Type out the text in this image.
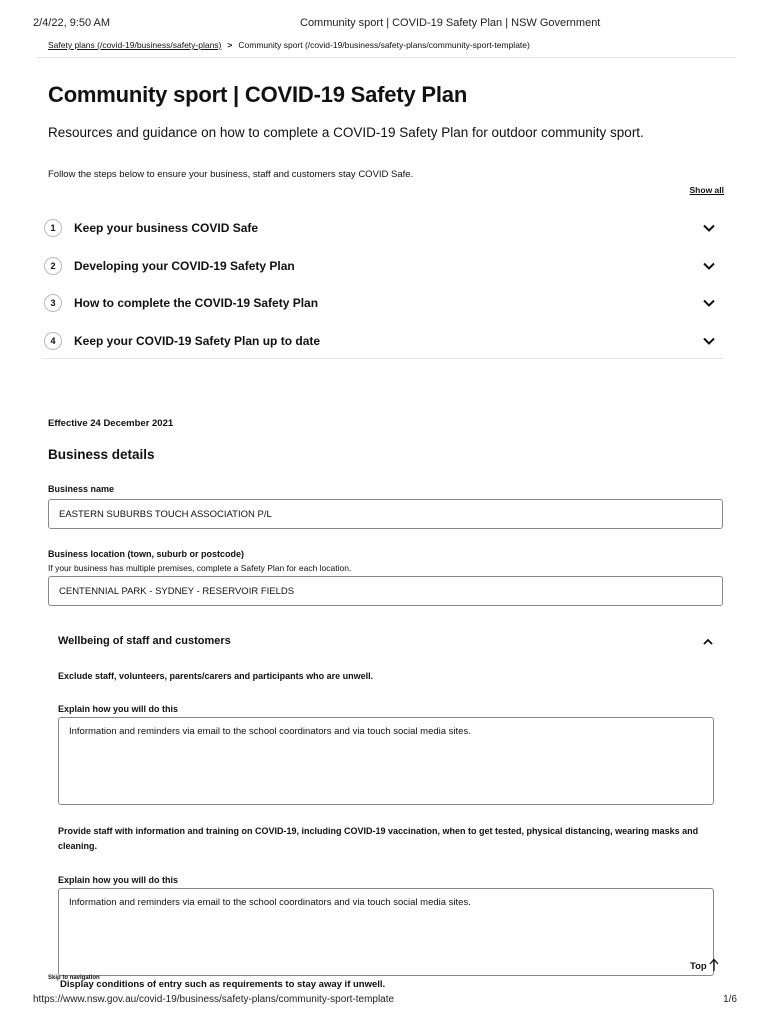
2/4/22, 9:50 AM	Community sport | COVID-19 Safety Plan | NSW Government
Safety plans (/covid-19/business/safety-plans) > Community sport (/covid-19/business/safety-plans/community-sport-template)
Community sport | COVID-19 Safety Plan

Resources and guidance on how to complete a COVID-19 Safety Plan for outdoor community sport.

Follow the steps below to ensure your business, staff and customers stay COVID Safe.

Show all
1	Keep your business COVID Safe
2	Developing your COVID-19 Safety Plan
3	How to complete the COVID-19 Safety Plan
4	Keep your COVID-19 Safety Plan up to date

Effective 24 December 2021

Business details
Business name
EASTERN SUBURBS TOUCH ASSOCIATION P/L
Business location (town, suburb or postcode)
If your business has multiple premises, complete a Safety Plan for each location.
CENTENNIAL PARK - SYDNEY - RESERVOIR FIELDS
Wellbeing of staff and customers

Exclude staff, volunteers, parents/carers and participants who are unwell.

Explain how you will do this
Information and reminders via email to the school coordinators and via touch social media sites.

Provide staff with information and training on COVID-19, including COVID-19 vaccination, when to get tested, physical distancing, wearing masks and cleaning.

Explain how you will do this
Information and reminders via email to the school coordinators and via touch social media sites.
Top
Skip to navigation

Display conditions of entry such as requirements to stay away if unwell.

https://www.nsw.gov.au/covid-19/business/safety-plans/community-sport-template	1/6
